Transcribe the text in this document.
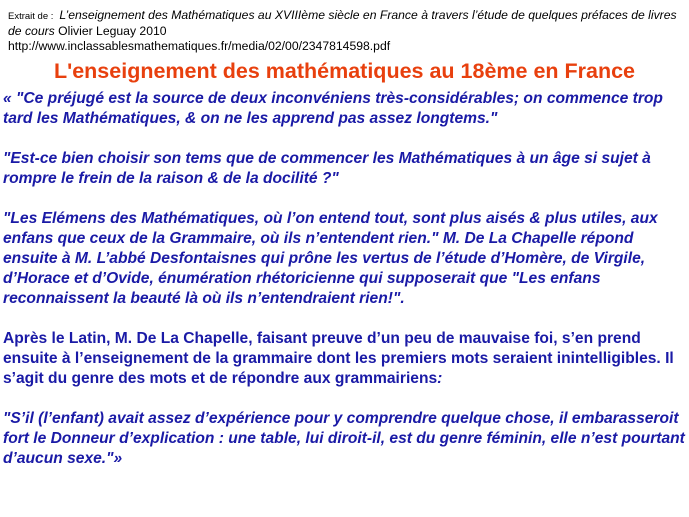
Extrait de : L’enseignement des Mathématiques au XVIIIème siècle en France à travers l’étude de quelques préfaces de livres de cours Olivier Leguay 2010
http://www.inclassablesmathematiques.fr/media/02/00/2347814598.pdf
L'enseignement des mathématiques au 18ème en France

« "Ce préjugé est la source de deux inconvéniens très-considérables; on commence trop tard les Mathématiques, & on ne les apprend pas assez longtems."

"Est-ce bien choisir son tems que de commencer les Mathématiques à un âge si sujet à rompre le frein de la raison & de la docilité ?"

"Les Elémens des Mathématiques, où l’on entend tout, sont plus aisés & plus utiles, aux enfans que ceux de la Grammaire, où ils n’entendent rien." M. De La Chapelle répond ensuite à M. L’abbé Desfontaisnes qui prône les vertus de l’étude d’Homère, de Virgile, d’Horace et d’Ovide, énumération rhétoricienne qui supposerait que "Les enfans reconnaissent la beauté là où ils n’entendraient rien!".

Après le Latin, M. De La Chapelle, faisant preuve d’un peu de mauvaise foi, s’en prend ensuite à l’enseignement de la grammaire dont les premiers mots seraient inintelligibles. Il s’agit du genre des mots et de répondre aux grammairiens:

"S’il (l’enfant) avait assez d’expérience pour y comprendre quelque chose, il embarasseroit fort le Donneur d’explication : une table, lui diroit-il, est du genre féminin, elle n’est pourtant d’aucun sexe."»
